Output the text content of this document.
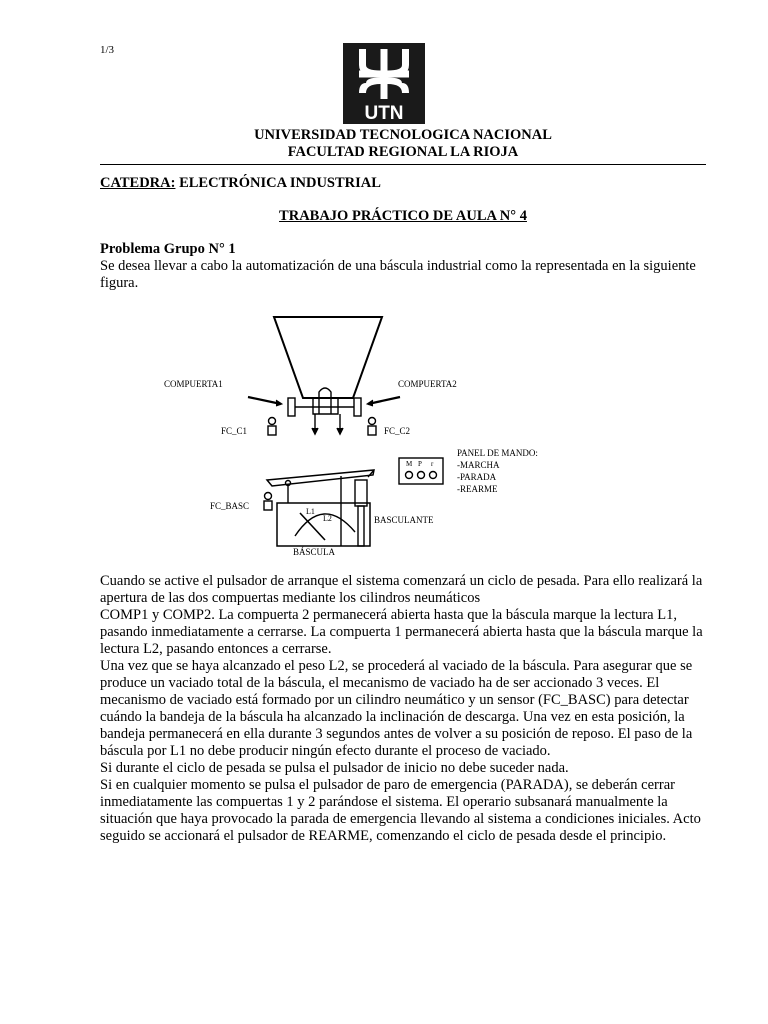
1/3
UTN
UNIVERSIDAD TECNOLOGICA NACIONAL
FACULTAD REGIONAL LA RIOJA
CATEDRA: ELECTRÓNICA INDUSTRIAL
TRABAJO PRÁCTICO DE AULA N° 4
Problema Grupo N° 1
Se desea llevar a cabo la automatización de una báscula industrial como la representada en la siguiente figura.
COMPUERTA1	COMPUERTA2
FC_C1	FC_C2
PANEL DE MANDO:
M P r	-MARCHA
-PARADA
-REARME
BASCULANTE
L1
L2
FC_BASC
BÁSCULA

Cuando se active el pulsador de arranque el sistema comenzará un ciclo de pesada. Para ello realizará la apertura de las dos compuertas mediante los cilindros neumáticos

COMP1 y COMP2. La compuerta 2 permanecerá abierta hasta que la báscula marque la lectura L1, pasando inmediatamente a cerrarse. La compuerta 1 permanecerá abierta hasta que la báscula marque la lectura L2, pasando entonces a cerrarse.

Una vez que se haya alcanzado el peso L2, se procederá al vaciado de la báscula. Para asegurar que se produce un vaciado total de la báscula, el mecanismo de vaciado ha de ser accionado 3 veces. El mecanismo de vaciado está formado por un cilindro neumático y un sensor (FC_BASC) para detectar cuándo la bandeja de la báscula ha alcanzado la inclinación de descarga. Una vez en esta posición, la bandeja permanecerá en ella durante 3 segundos antes de volver a su posición de reposo. El paso de la báscula por L1 no debe producir ningún efecto durante el proceso de vaciado.

Si durante el ciclo de pesada se pulsa el pulsador de inicio no debe suceder nada.

Si en cualquier momento se pulsa el pulsador de paro de emergencia (PARADA), se deberán cerrar inmediatamente las compuertas 1 y 2 parándose el sistema. El operario subsanará manualmente la situación que haya provocado la parada de emergencia llevando al sistema a condiciones iniciales. Acto seguido se accionará el pulsador de REARME, comenzando el ciclo de pesada desde el principio.
